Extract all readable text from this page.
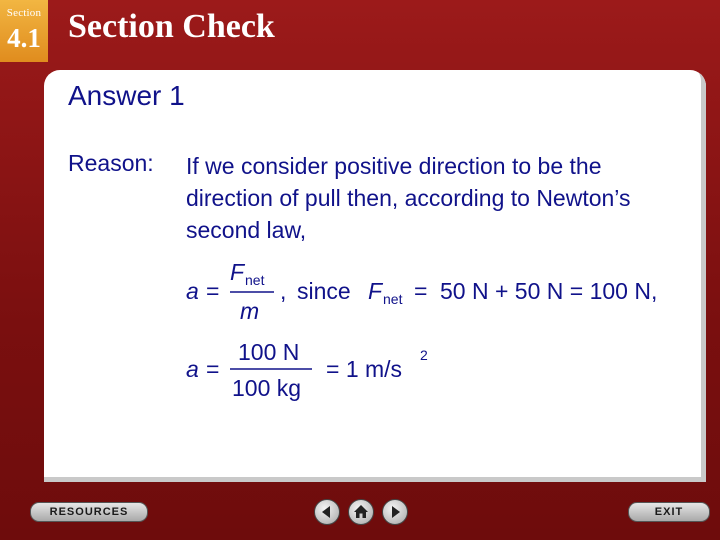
Section
4.1 Section Check
Answer 1
Reason: If we consider positive direction to be the direction of pull then, according to Newton’s second law,
a =
F net
m
, since F net = 50 N + 50 N = 100 N,
a =
100 N
100 kg
= 1 m/s
2
RESOURCES	EXIT
